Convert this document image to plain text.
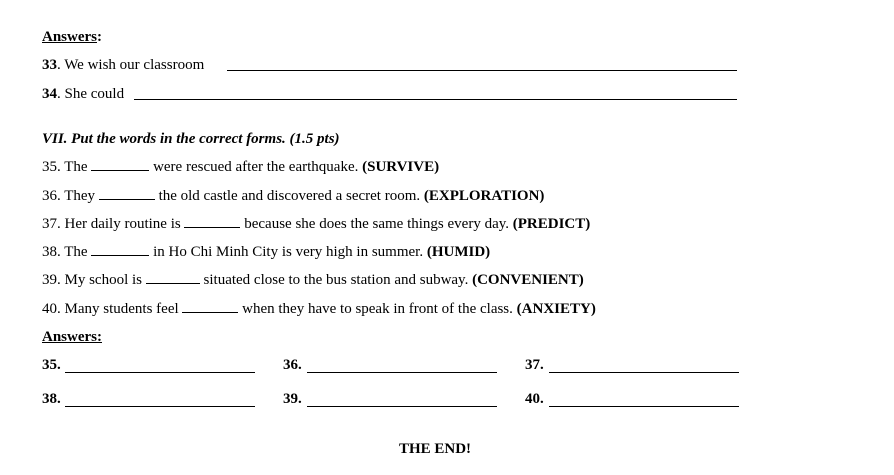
Answers:
33. We wish our classroom
34. She could
VII. Put the words in the correct forms. (1.5 pts)
35. The	were rescued after the earthquake. (SURVIVE)
36. They	the old castle and discovered a secret room. (EXPLORATION)
37. Her daily routine is	because she does the same things every day. (PREDICT)
38. The	in Ho Chi Minh City is very high in summer. (HUMID)
39. My school is	situated close to the bus station and subway. (CONVENIENT)
40. Many students feel	when they have to speak in front of the class. (ANXIETY)
Answers:
35.	36.	37.
38.	39.	40.
THE END!
